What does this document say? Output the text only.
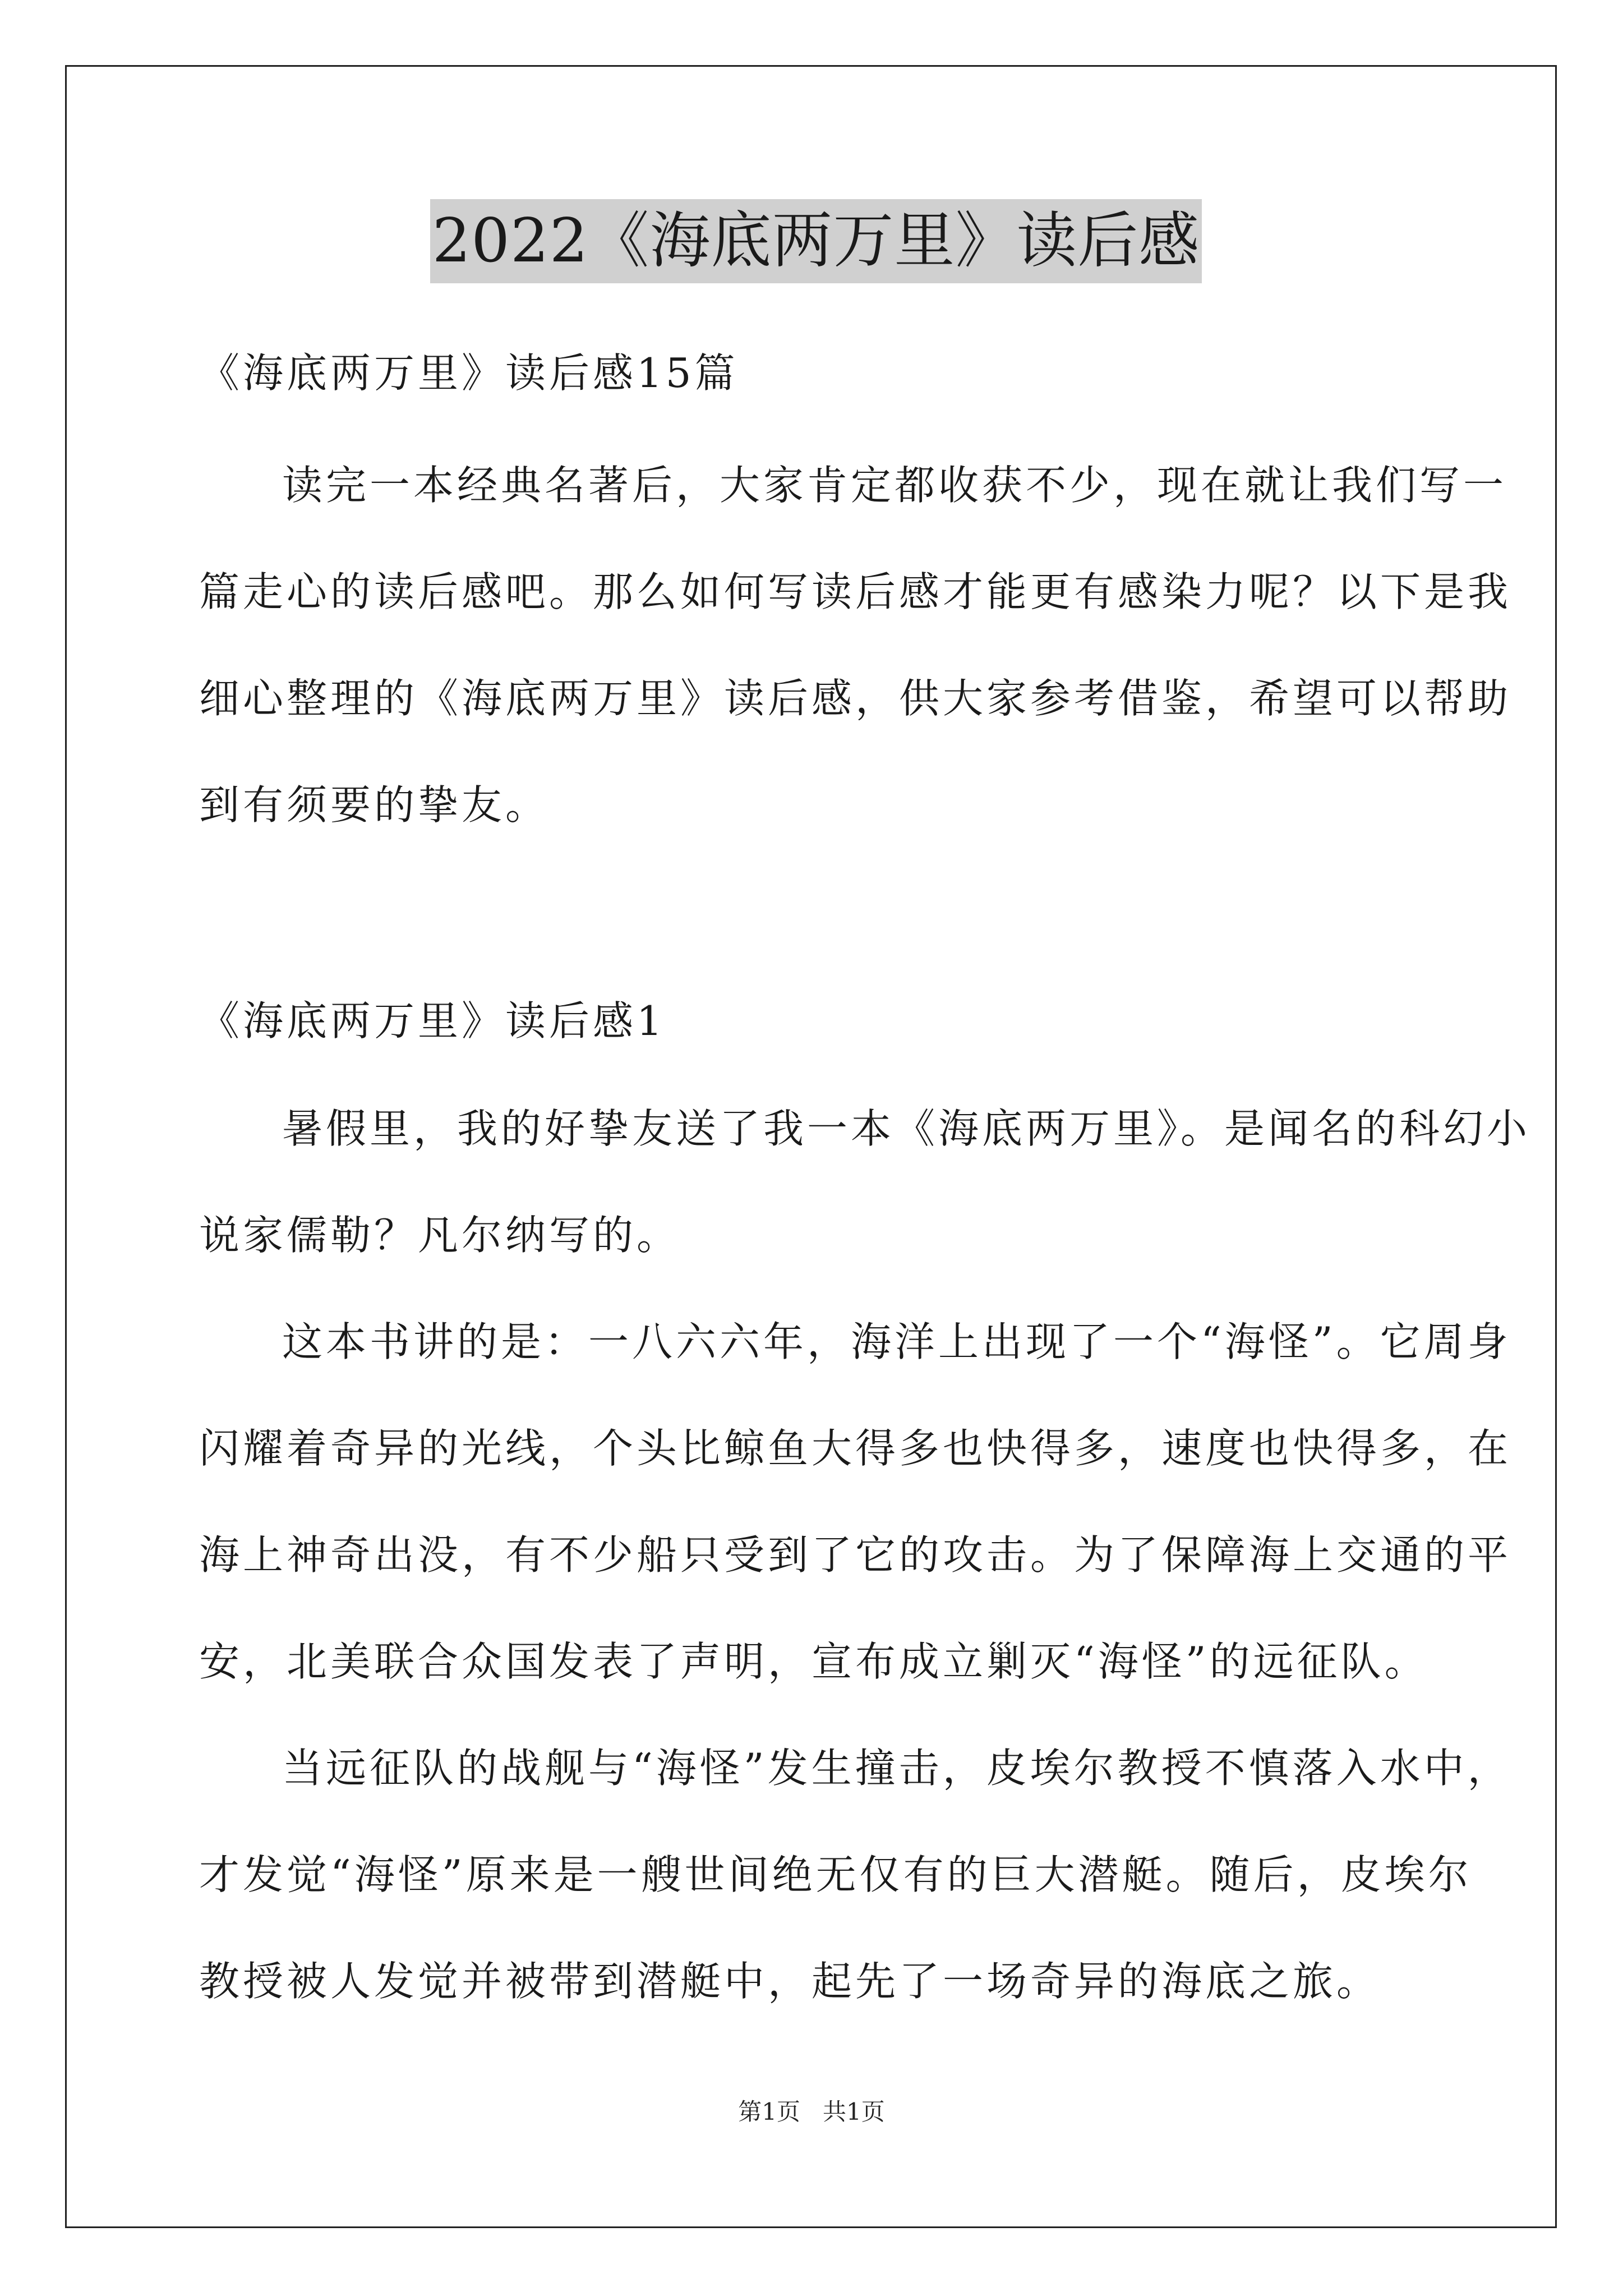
2022《海底两万里》读后感
《海底两万里》读后感15篇
读完一本经典名著后，大家肯定都收获不少，现在就让我们写一
篇走心的读后感吧。那么如何写读后感才能更有感染力呢？以下是我
细心整理的《海底两万里》读后感，供大家参考借鉴，希望可以帮助
到有须要的挚友。
《海底两万里》读后感1
暑假里，我的好挚友送了我一本《海底两万里》。是闻名的科幻小
说家儒勒？凡尔纳写的。
这本书讲的是：一八六六年，海洋上出现了一个“海怪”。它周身
闪耀着奇异的光线，个头比鲸鱼大得多也快得多，速度也快得多，在
海上神奇出没，有不少船只受到了它的攻击。为了保障海上交通的平
安，北美联合众国发表了声明，宣布成立剿灭“海怪”的远征队。
当远征队的战舰与“海怪”发生撞击，皮埃尔教授不慎落入水中，
才发觉“海怪”原来是一艘世间绝无仅有的巨大潜艇。随后，皮埃尔
教授被人发觉并被带到潜艇中，起先了一场奇异的海底之旅。
第1页 共1页
